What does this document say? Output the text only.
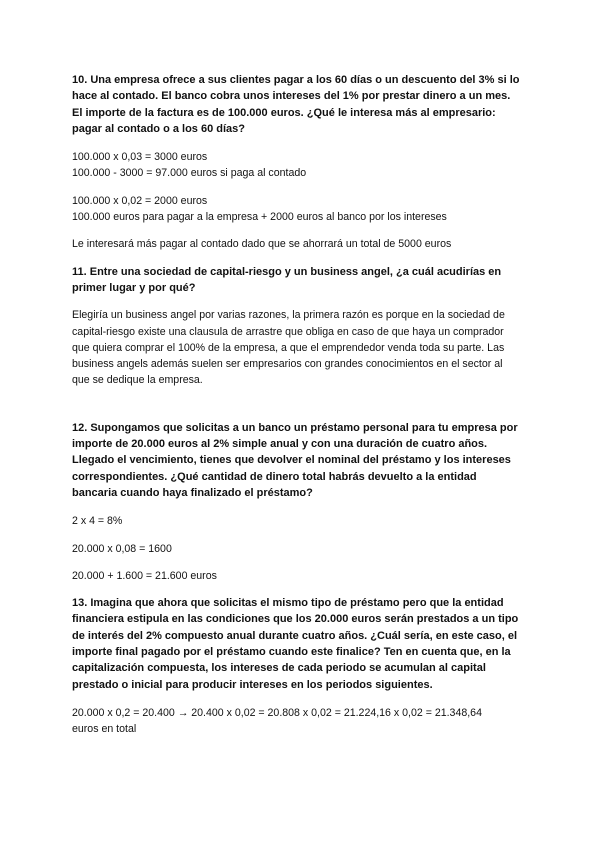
10. Una empresa ofrece a sus clientes pagar a los 60 días o un descuento del 3% si lo

hace al contado. El banco cobra unos intereses del 1% por prestar dinero a un mes.

El importe de la factura es de 100.000 euros. ¿Qué le interesa más al empresario:

pagar al contado o a los 60 días?

100.000 x 0,03 = 3000 euros

100.000 - 3000 = 97.000 euros si paga al contado

100.000 x 0,02 = 2000 euros

100.000 euros para pagar a la empresa + 2000 euros al banco por los intereses

Le interesará más pagar al contado dado que se ahorrará un total de 5000 euros

11. Entre una sociedad de capital-riesgo y un business angel, ¿a cuál acudirías en

primer lugar y por qué?

Elegiría un business angel por varias razones, la primera razón es porque en la sociedad de

capital-riesgo existe una clausula de arrastre que obliga en caso de que haya un comprador

que quiera comprar el 100% de la empresa, a que el emprendedor venda toda su parte. Las

business angels además suelen ser empresarios con grandes conocimientos en el sector al

que se dedique la empresa.

12. Supongamos que solicitas a un banco un préstamo personal para tu empresa por

importe de 20.000 euros al 2% simple anual y con una duración de cuatro años.

Llegado el vencimiento, tienes que devolver el nominal del préstamo y los intereses

correspondientes. ¿Qué cantidad de dinero total habrás devuelto a la entidad

bancaria cuando haya finalizado el préstamo?

2 x 4 = 8%

20.000 x 0,08 = 1600

20.000 + 1.600 = 21.600 euros

13. Imagina que ahora que solicitas el mismo tipo de préstamo pero que la entidad

financiera estipula en las condiciones que los 20.000 euros serán prestados a un tipo

de interés del 2% compuesto anual durante cuatro años. ¿Cuál sería, en este caso, el

importe final pagado por el préstamo cuando este finalice? Ten en cuenta que, en la

capitalización compuesta, los intereses de cada periodo se acumulan al capital

prestado o inicial para producir intereses en los periodos siguientes.

20.000 x 0,2 = 20.400 → 20.400 x 0,02 = 20.808 x 0,02 = 21.224,16 x 0,02 = 21.348,64

euros en total
